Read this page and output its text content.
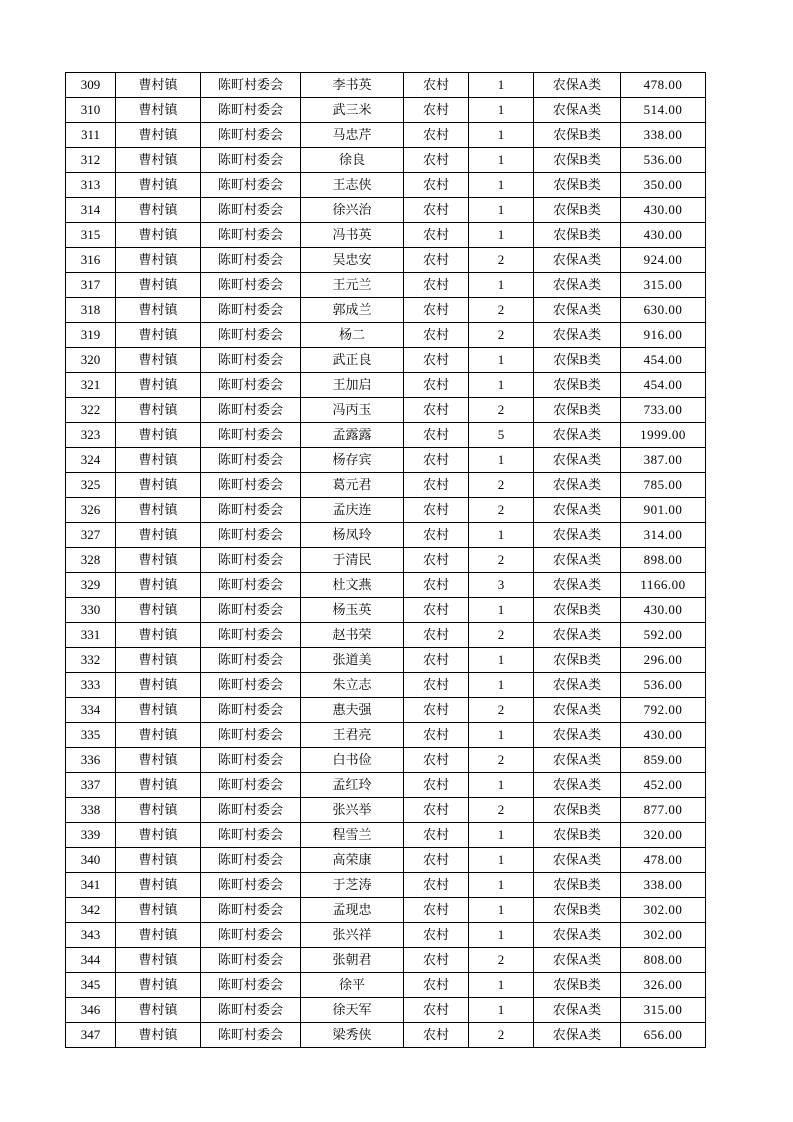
309	曹村镇	陈町村委会	李书英	农村	1	农保A类	478.00
310	曹村镇	陈町村委会	武三米	农村	1	农保A类	514.00
311	曹村镇	陈町村委会	马忠芹	农村	1	农保B类	338.00
312	曹村镇	陈町村委会	徐良	农村	1	农保B类	536.00
313	曹村镇	陈町村委会	王志侠	农村	1	农保B类	350.00
314	曹村镇	陈町村委会	徐兴治	农村	1	农保B类	430.00
315	曹村镇	陈町村委会	冯书英	农村	1	农保B类	430.00
316	曹村镇	陈町村委会	吴忠安	农村	2	农保A类	924.00
317	曹村镇	陈町村委会	王元兰	农村	1	农保A类	315.00
318	曹村镇	陈町村委会	郭成兰	农村	2	农保A类	630.00
319	曹村镇	陈町村委会	杨二	农村	2	农保A类	916.00
320	曹村镇	陈町村委会	武正良	农村	1	农保B类	454.00
321	曹村镇	陈町村委会	王加启	农村	1	农保B类	454.00
322	曹村镇	陈町村委会	冯丙玉	农村	2	农保B类	733.00
323	曹村镇	陈町村委会	孟露露	农村	5	农保A类	1999.00
324	曹村镇	陈町村委会	杨存宾	农村	1	农保A类	387.00
325	曹村镇	陈町村委会	葛元君	农村	2	农保A类	785.00
326	曹村镇	陈町村委会	孟庆连	农村	2	农保A类	901.00
327	曹村镇	陈町村委会	杨凤玲	农村	1	农保A类	314.00
328	曹村镇	陈町村委会	于清民	农村	2	农保A类	898.00
329	曹村镇	陈町村委会	杜文燕	农村	3	农保A类	1166.00
330	曹村镇	陈町村委会	杨玉英	农村	1	农保B类	430.00
331	曹村镇	陈町村委会	赵书荣	农村	2	农保A类	592.00
332	曹村镇	陈町村委会	张道美	农村	1	农保B类	296.00
333	曹村镇	陈町村委会	朱立志	农村	1	农保A类	536.00
334	曹村镇	陈町村委会	惠夫强	农村	2	农保A类	792.00
335	曹村镇	陈町村委会	王君亮	农村	1	农保A类	430.00
336	曹村镇	陈町村委会	白书俭	农村	2	农保A类	859.00
337	曹村镇	陈町村委会	孟红玲	农村	1	农保A类	452.00
338	曹村镇	陈町村委会	张兴举	农村	2	农保B类	877.00
339	曹村镇	陈町村委会	程雪兰	农村	1	农保B类	320.00
340	曹村镇	陈町村委会	高荣康	农村	1	农保A类	478.00
341	曹村镇	陈町村委会	于芝涛	农村	1	农保B类	338.00
342	曹村镇	陈町村委会	孟现忠	农村	1	农保B类	302.00
343	曹村镇	陈町村委会	张兴祥	农村	1	农保A类	302.00
344	曹村镇	陈町村委会	张朝君	农村	2	农保A类	808.00
345	曹村镇	陈町村委会	徐平	农村	1	农保B类	326.00
346	曹村镇	陈町村委会	徐天军	农村	1	农保A类	315.00
347	曹村镇	陈町村委会	梁秀侠	农村	2	农保A类	656.00
